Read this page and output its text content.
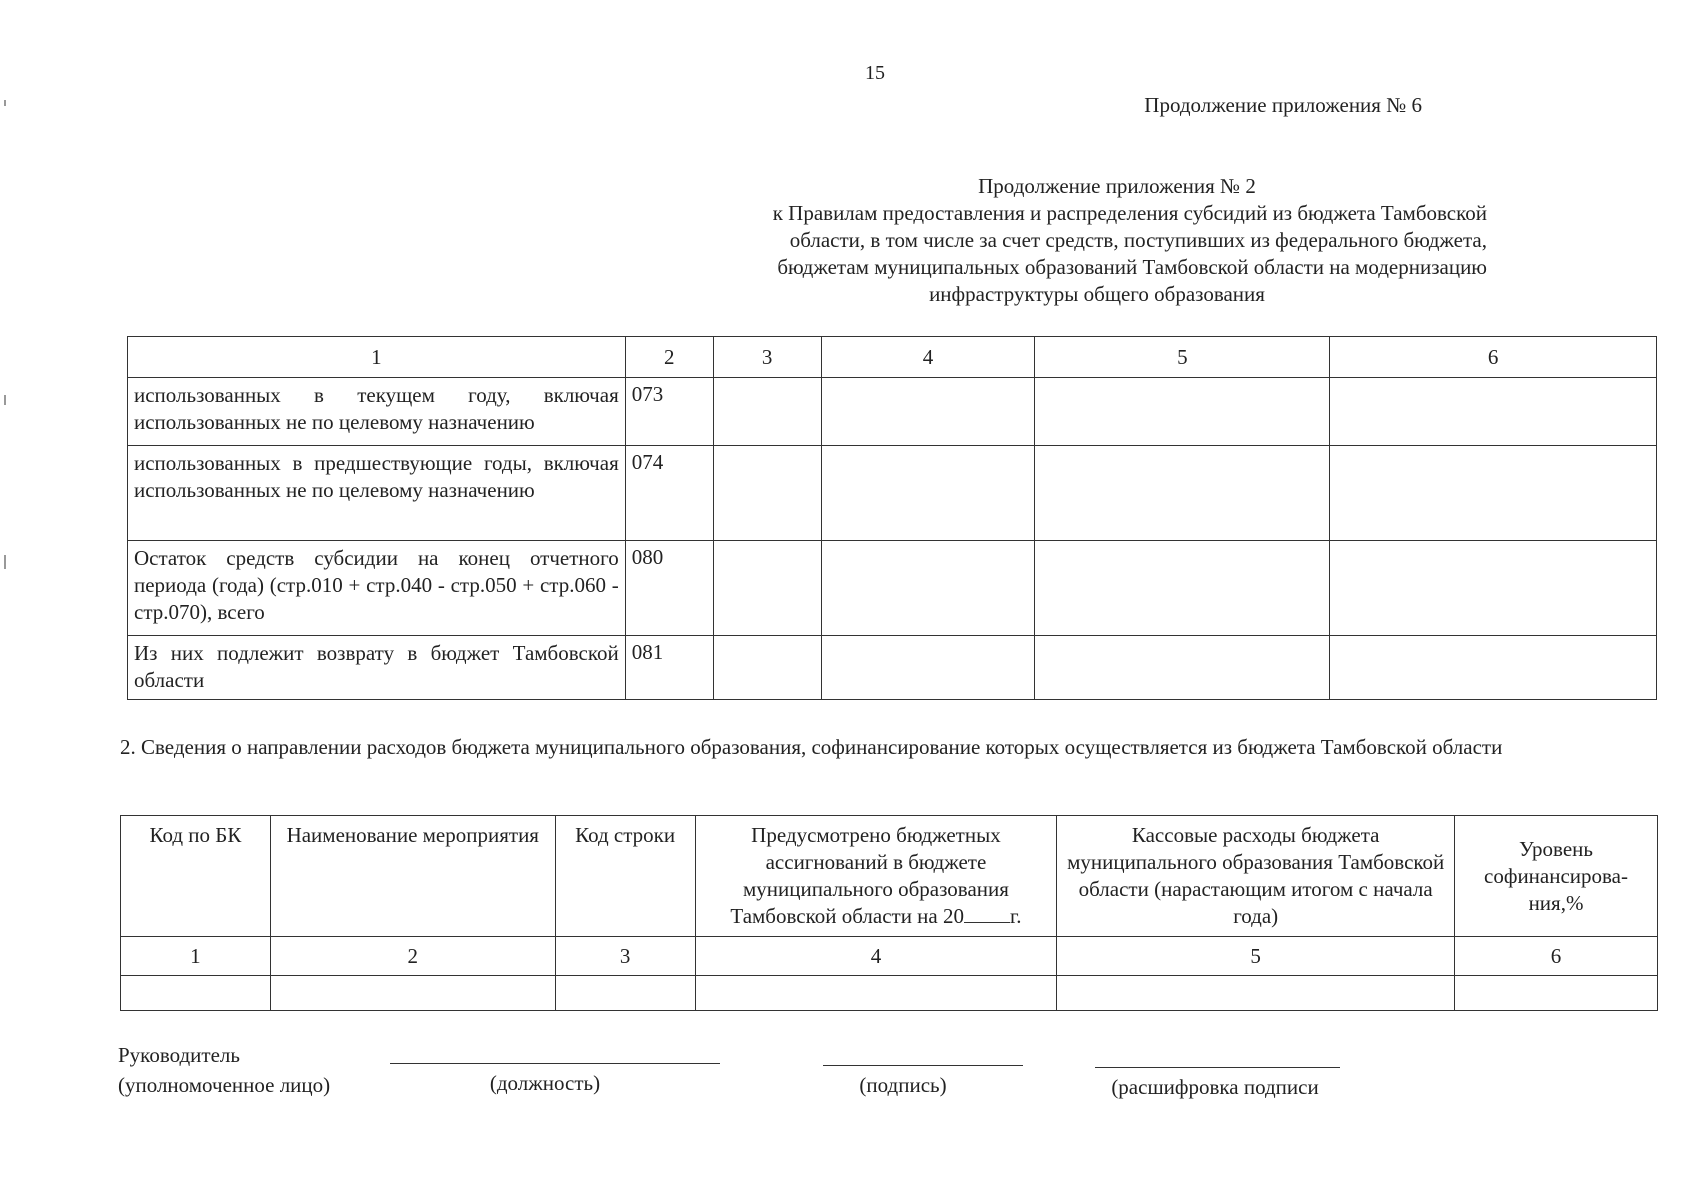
15
Продолжение приложения № 6
Продолжение приложения № 2
к Правилам предоставления и распределения субсидий из бюджета Тамбовской
области, в том числе за счет средств, поступивших из федерального бюджета,
бюджетам муниципальных образований Тамбовской области на модернизацию
инфраструктуры общего образования
1	2	3	4	5	6
использованных в текущем году, включая использованных не по целевому назначению	073				
использованных в предшествующие годы, включая использованных не по целевому назначению	074				
Остаток средств субсидии на конец отчетного периода (года) (стр.010 + стр.040 - стр.050 + стр.060 - стр.070), всего	080				
Из них подлежит возврату в бюджет Тамбовской области	081				
2. Сведения о направлении расходов бюджета муниципального образования, софинансирование которых осуществляется из бюджета Тамбовской области
Код по БК	Наименование мероприятия	Код строки	Предусмотрено бюджетных ассигнований в бюджете муниципального образования Тамбовской области на 20 г.	Кассовые расходы бюджета муниципального образования Тамбовской области (нарастающим итогом с начала года)	Уровень софинансирова-ния,%
1	2	3	4	5	6

Руководитель
(уполномоченное лицо)	(должность)	(подпись)	(расшифровка подписи
